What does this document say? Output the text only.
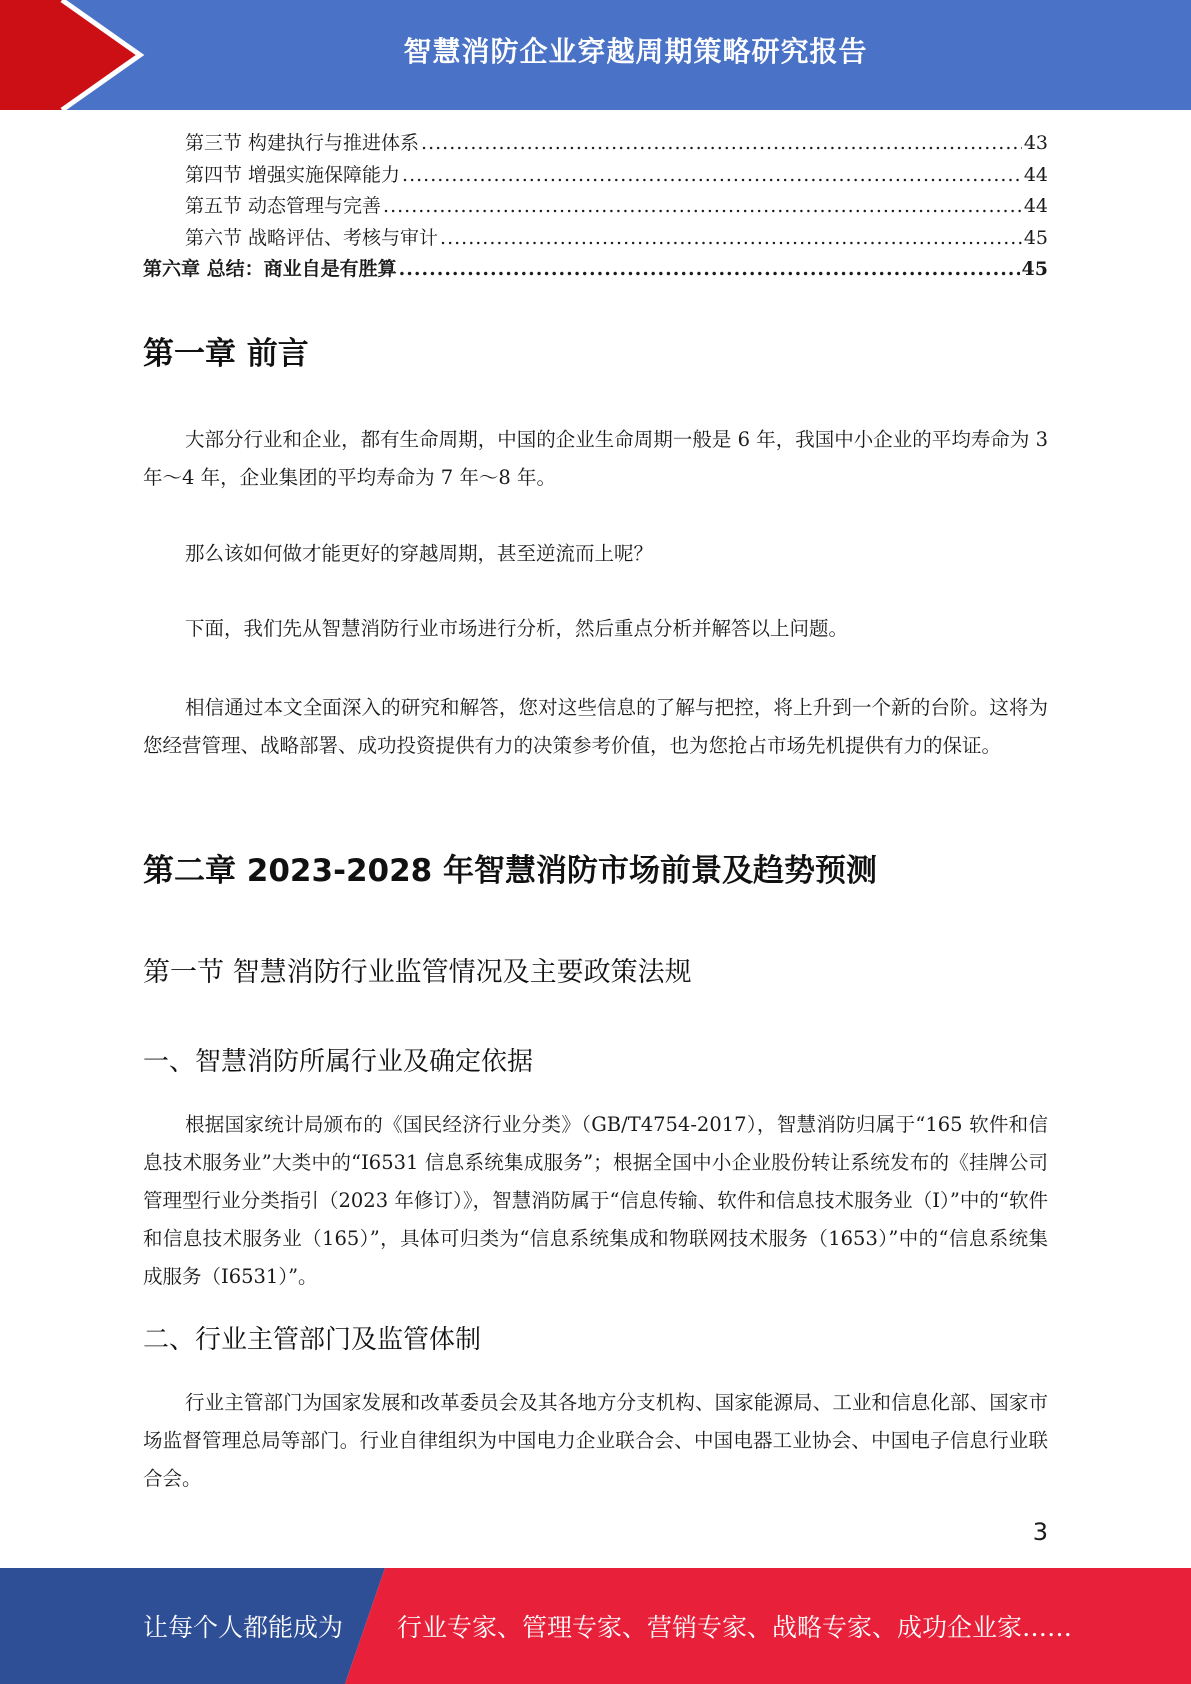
智慧消防企业穿越周期策略研究报告
第三节 构建执行与推进体系 .....	43
第四节 增强实施保障能力 .....	44
第五节 动态管理与完善 .....	44
第六节 战略评估、考核与审计 .....	45
第六章 总结：商业自是有胜算 .....	45
第一章 前言

大部分行业和企业，都有生命周期，中国的企业生命周期一般是 6 年，我国中小企业的平均寿命为 3 年～4 年，企业集团的平均寿命为 7 年～8 年。

那么该如何做才能更好的穿越周期，甚至逆流而上呢？

下面，我们先从智慧消防行业市场进行分析，然后重点分析并解答以上问题。

相信通过本文全面深入的研究和解答，您对这些信息的了解与把控，将上升到一个新的台阶。这将为您经营管理、战略部署、成功投资提供有力的决策参考价值，也为您抢占市场先机提供有力的保证。

第二章 2023-2028 年智慧消防市场前景及趋势预测
第一节 智慧消防行业监管情况及主要政策法规
一、智慧消防所属行业及确定依据

根据国家统计局颁布的《国民经济行业分类》（GB/T4754-2017），智慧消防归属于“165 软件和信息技术服务业”大类中的“I6531 信息系统集成服务”；根据全国中小企业股份转让系统发布的《挂牌公司管理型行业分类指引（2023 年修订）》，智慧消防属于“信息传输、软件和信息技术服务业（I）”中的“软件和信息技术服务业（165）”，具体可归类为“信息系统集成和物联网技术服务（1653）”中的“信息系统集成服务（I6531）”。

二、行业主管部门及监管体制

行业主管部门为国家发展和改革委员会及其各地方分支机构、国家能源局、工业和信息化部、国家市场监督管理总局等部门。行业自律组织为中国电力企业联合会、中国电器工业协会、中国电子信息行业联合会。

3
让每个人都能成为 行业专家、管理专家、营销专家、战略专家、成功企业家……
